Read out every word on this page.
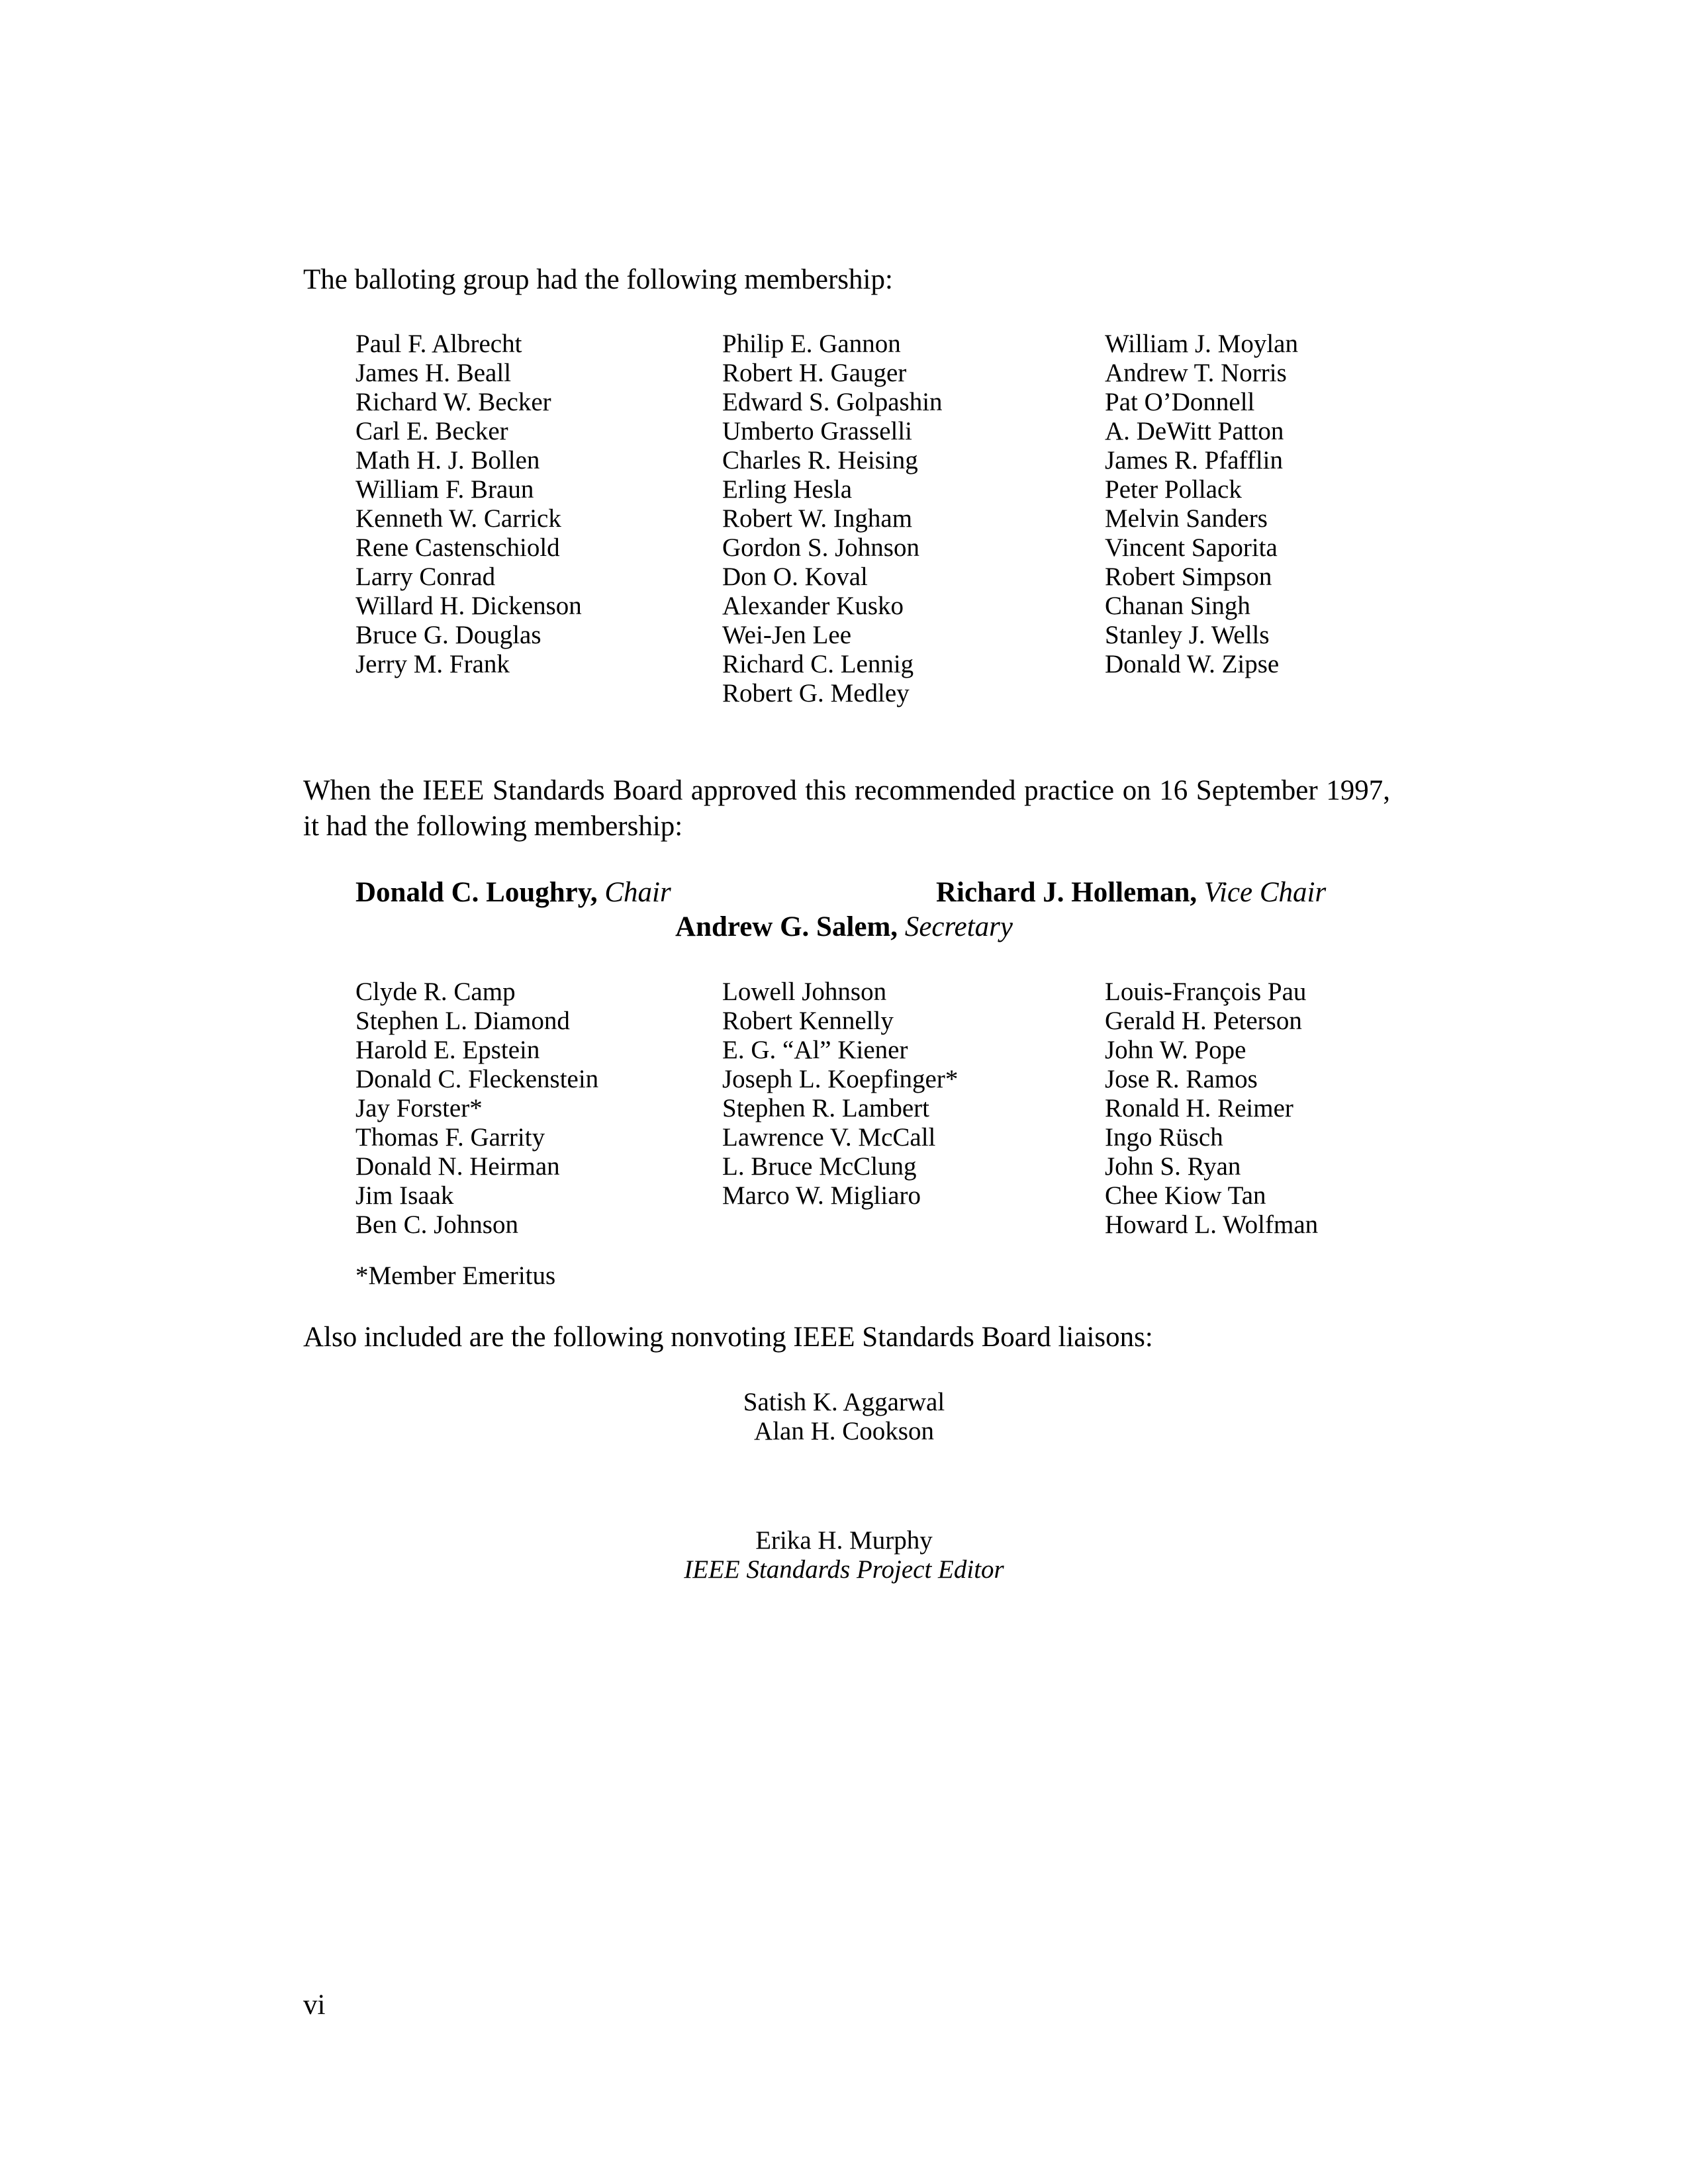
The balloting group had the following membership:

Paul F. Albrecht
James H. Beall
Richard W. Becker
Carl E. Becker
Math H. J. Bollen
William F. Braun
Kenneth W. Carrick
Rene Castenschiold
Larry Conrad
Willard H. Dickenson
Bruce G. Douglas
Jerry M. Frank
Philip E. Gannon
Robert H. Gauger
Edward S. Golpashin
Umberto Grasselli
Charles R. Heising
Erling Hesla
Robert W. Ingham
Gordon S. Johnson
Don O. Koval
Alexander Kusko
Wei-Jen Lee
Richard C. Lennig
Robert G. Medley
William J. Moylan
Andrew T. Norris
Pat O’Donnell
A. DeWitt Patton
James R. Pfafflin
Peter Pollack
Melvin Sanders
Vincent Saporita
Robert Simpson
Chanan Singh
Stanley J. Wells
Donald W. Zipse

When the IEEE Standards Board approved this recommended practice on 16 September 1997, it had the following membership:

Donald C. Loughry, Chair	Richard J. Holleman, Vice Chair
Andrew G. Salem, Secretary
Clyde R. Camp
Stephen L. Diamond
Harold E. Epstein
Donald C. Fleckenstein
Jay Forster*
Thomas F. Garrity
Donald N. Heirman
Jim Isaak
Ben C. Johnson
Lowell Johnson
Robert Kennelly
E. G. “Al” Kiener
Joseph L. Koepfinger*
Stephen R. Lambert
Lawrence V. McCall
L. Bruce McClung
Marco W. Migliaro
Louis-François Pau
Gerald H. Peterson
John W. Pope
Jose R. Ramos
Ronald H. Reimer
Ingo Rüsch
John S. Ryan
Chee Kiow Tan
Howard L. Wolfman
*Member Emeritus

Also included are the following nonvoting IEEE Standards Board liaisons:

Satish K. Aggarwal
Alan H. Cookson
Erika H. Murphy
IEEE Standards Project Editor
vi
